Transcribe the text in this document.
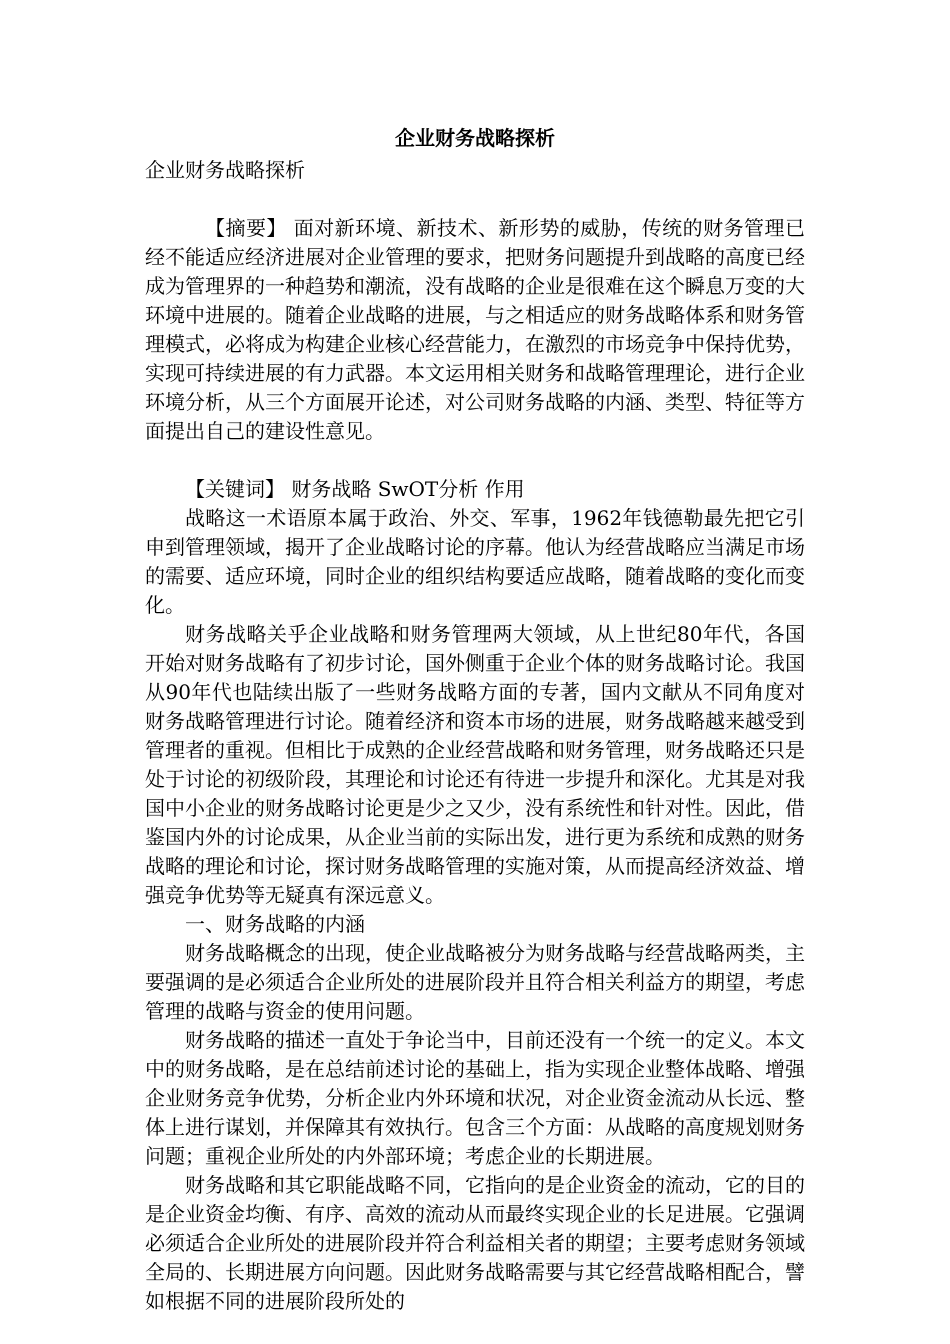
企业财务战略探析

企业财务战略探析

【摘要】 面对新环境、新技术、新形势的威胁，传统的财务管理已经不能适应经济进展对企业管理的要求，把财务问题提升到战略的高度已经成为管理界的一种趋势和潮流，没有战略的企业是很难在这个瞬息万变的大环境中进展的。随着企业战略的进展，与之相适应的财务战略体系和财务管理模式，必将成为构建企业核心经营能力，在激烈的市场竞争中保持优势，实现可持续进展的有力武器。本文运用相关财务和战略管理理论，进行企业环境分析，从三个方面展开论述，对公司财务战略的内涵、类型、特征等方面提出自己的建设性意见。

【关键词】 财务战略 SwOT分析 作用

战略这一术语原本属于政治、外交、军事，1962年钱德勒最先把它引申到管理领域，揭开了企业战略讨论的序幕。他认为经营战略应当满足市场的需要、适应环境，同时企业的组织结构要适应战略，随着战略的变化而变化。

财务战略关乎企业战略和财务管理两大领域，从上世纪80年代，各国开始对财务战略有了初步讨论，国外侧重于企业个体的财务战略讨论。我国从90年代也陆续出版了一些财务战略方面的专著，国内文献从不同角度对财务战略管理进行讨论。随着经济和资本市场的进展，财务战略越来越受到管理者的重视。但相比于成熟的企业经营战略和财务管理，财务战略还只是处于讨论的初级阶段，其理论和讨论还有待进一步提升和深化。尤其是对我国中小企业的财务战略讨论更是少之又少，没有系统性和针对性。因此，借鉴国内外的讨论成果，从企业当前的实际出发，进行更为系统和成熟的财务战略的理论和讨论，探讨财务战略管理的实施对策，从而提高经济效益、增强竞争优势等无疑真有深远意义。

一、财务战略的内涵

财务战略概念的出现，使企业战略被分为财务战略与经营战略两类，主要强调的是必须适合企业所处的进展阶段并且符合相关利益方的期望，考虑管理的战略与资金的使用问题。

财务战略的描述一直处于争论当中，目前还没有一个统一的定义。本文中的财务战略，是在总结前述讨论的基础上，指为实现企业整体战略、增强企业财务竞争优势，分析企业内外环境和状况，对企业资金流动从长远、整体上进行谋划，并保障其有效执行。包含三个方面：从战略的高度规划财务问题；重视企业所处的内外部环境；考虑企业的长期进展。

财务战略和其它职能战略不同，它指向的是企业资金的流动，它的目的是企业资金均衡、有序、高效的流动从而最终实现企业的长足进展。它强调必须适合企业所处的进展阶段并符合利益相关者的期望；主要考虑财务领域全局的、长期进展方向问题。因此财务战略需要与其它经营战略相配合，譬如根据不同的进展阶段所处的
